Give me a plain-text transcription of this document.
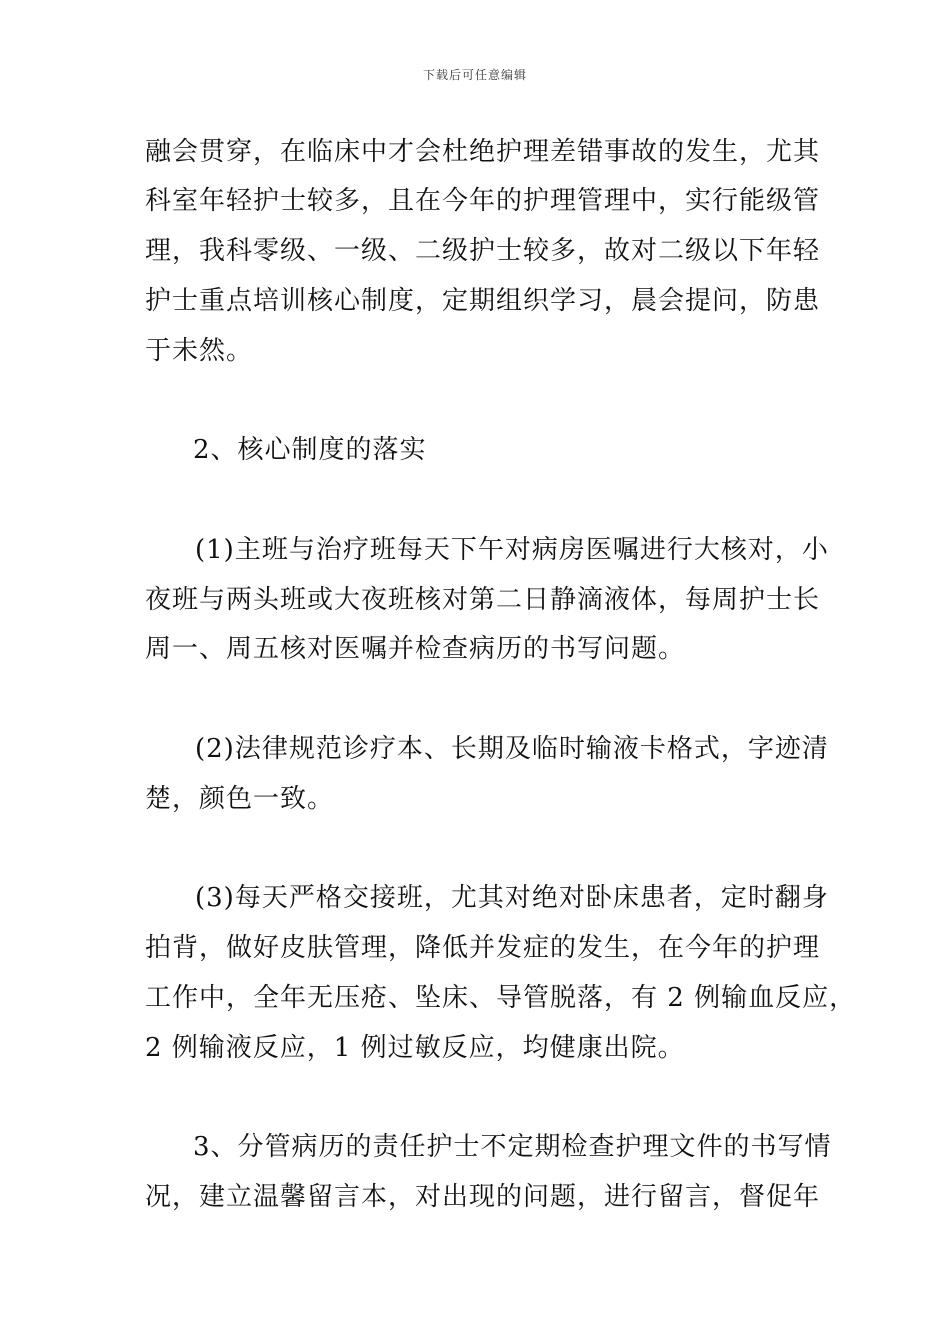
下载后可任意编辑
融会贯穿，在临床中才会杜绝护理差错事故的发生，尤其
科室年轻护士较多，且在今年的护理管理中，实行能级管
理，我科零级、一级、二级护士较多，故对二级以下年轻
护士重点培训核心制度，定期组织学习，晨会提问，防患
于未然。
2、核心制度的落实
(1)主班与治疗班每天下午对病房医嘱进行大核对，小
夜班与两头班或大夜班核对第二日静滴液体，每周护士长
周一、周五核对医嘱并检查病历的书写问题。
(2)法律规范诊疗本、长期及临时输液卡格式，字迹清
楚，颜色一致。
(3)每天严格交接班，尤其对绝对卧床患者，定时翻身
拍背，做好皮肤管理，降低并发症的发生，在今年的护理
工作中，全年无压疮、坠床、导管脱落，有 2 例输血反应，
2 例输液反应，1 例过敏反应，均健康出院。
3、分管病历的责任护士不定期检查护理文件的书写情
况，建立温馨留言本，对出现的问题，进行留言，督促年
